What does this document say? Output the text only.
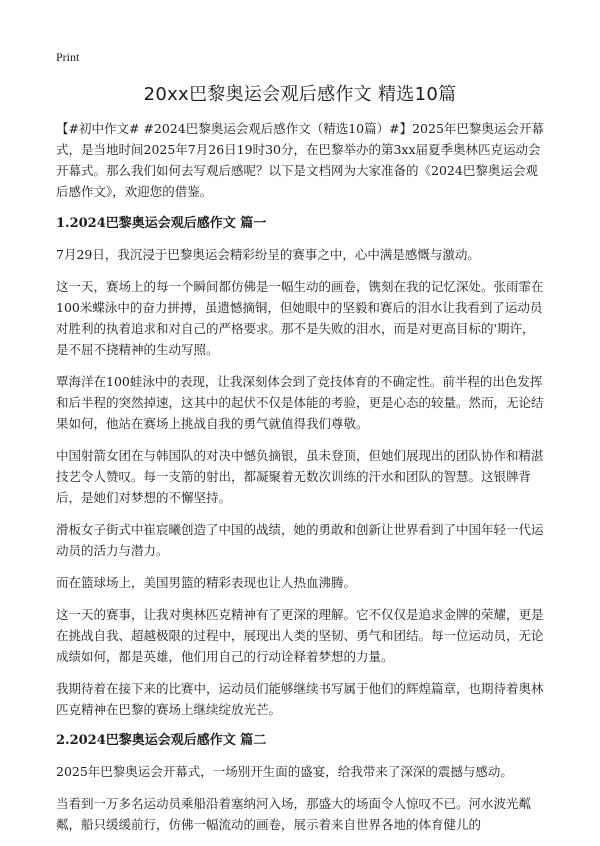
Print
20xx巴黎奥运会观后感作文 精选10篇

【#初中作文# #2024巴黎奥运会观后感作文（精选10篇）#】2025年巴黎奥运会开幕式，是当地时间2025年7月26日19时30分，在巴黎举办的第3xx届夏季奥林匹克运动会开幕式。那么我们如何去写观后感呢？以下是文档网为大家准备的《2024巴黎奥运会观后感作文》，欢迎您的借鉴。

1.2024巴黎奥运会观后感作文 篇一

7月29日，我沉浸于巴黎奥运会精彩纷呈的赛事之中，心中满是感慨与激动。

这一天，赛场上的每一个瞬间都仿佛是一幅生动的画卷，镌刻在我的记忆深处。张雨霏在100米蝶泳中的奋力拼搏，虽遗憾摘铜，但她眼中的坚毅和赛后的泪水让我看到了运动员对胜利的执着追求和对自己的严格要求。那不是失败的泪水，而是对更高目标的'期许，是不屈不挠精神的生动写照。

覃海洋在100蛙泳中的表现，让我深刻体会到了竞技体育的不确定性。前半程的出色发挥和后半程的突然掉速，这其中的起伏不仅是体能的考验，更是心态的较量。然而，无论结果如何，他站在赛场上挑战自我的勇气就值得我们尊敬。

中国射箭女团在与韩国队的对决中憾负摘银，虽未登顶，但她们展现出的团队协作和精湛技艺令人赞叹。每一支箭的射出，都凝聚着无数次训练的汗水和团队的智慧。这银牌背后，是她们对梦想的不懈坚持。

滑板女子街式中崔宸曦创造了中国的战绩，她的勇敢和创新让世界看到了中国年轻一代运动员的活力与潜力。

而在篮球场上，美国男篮的精彩表现也让人热血沸腾。

这一天的赛事，让我对奥林匹克精神有了更深的理解。它不仅仅是追求金牌的荣耀，更是在挑战自我、超越极限的过程中，展现出人类的坚韧、勇气和团结。每一位运动员，无论成绩如何，都是英雄，他们用自己的行动诠释着梦想的力量。

我期待着在接下来的比赛中，运动员们能够继续书写属于他们的辉煌篇章，也期待着奥林匹克精神在巴黎的赛场上继续绽放光芒。

2.2024巴黎奥运会观后感作文 篇二

2025年巴黎奥运会开幕式，一场别开生面的盛宴，给我带来了深深的震撼与感动。

当看到一万多名运动员乘船沿着塞纳河入场，那盛大的场面令人惊叹不已。河水波光粼粼，船只缓缓前行，仿佛一幅流动的画卷，展示着来自世界各地的体育健儿的
